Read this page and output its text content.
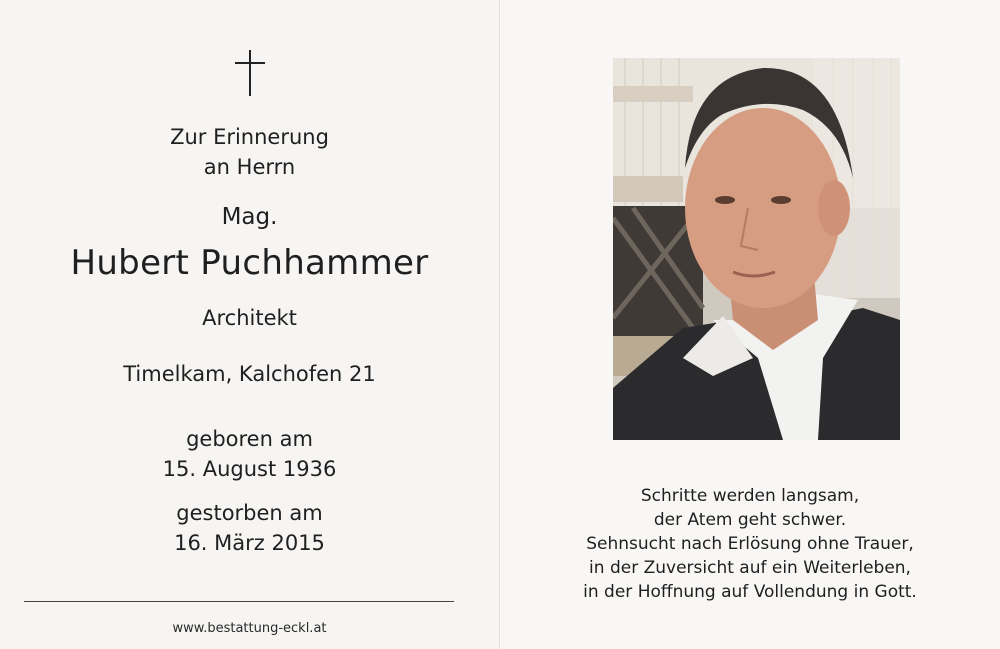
Zur Erinnerung
an Herrn
Mag.
Hubert Puchhammer
Architekt
Timelkam, Kalchofen 21
geboren am
15. August 1936
gestorben am
16. März 2015
www.bestattung-eckl.at
Schritte werden langsam,
der Atem geht schwer.
Sehnsucht nach Erlösung ohne Trauer,
in der Zuversicht auf ein Weiterleben,
in der Hoffnung auf Vollendung in Gott.
